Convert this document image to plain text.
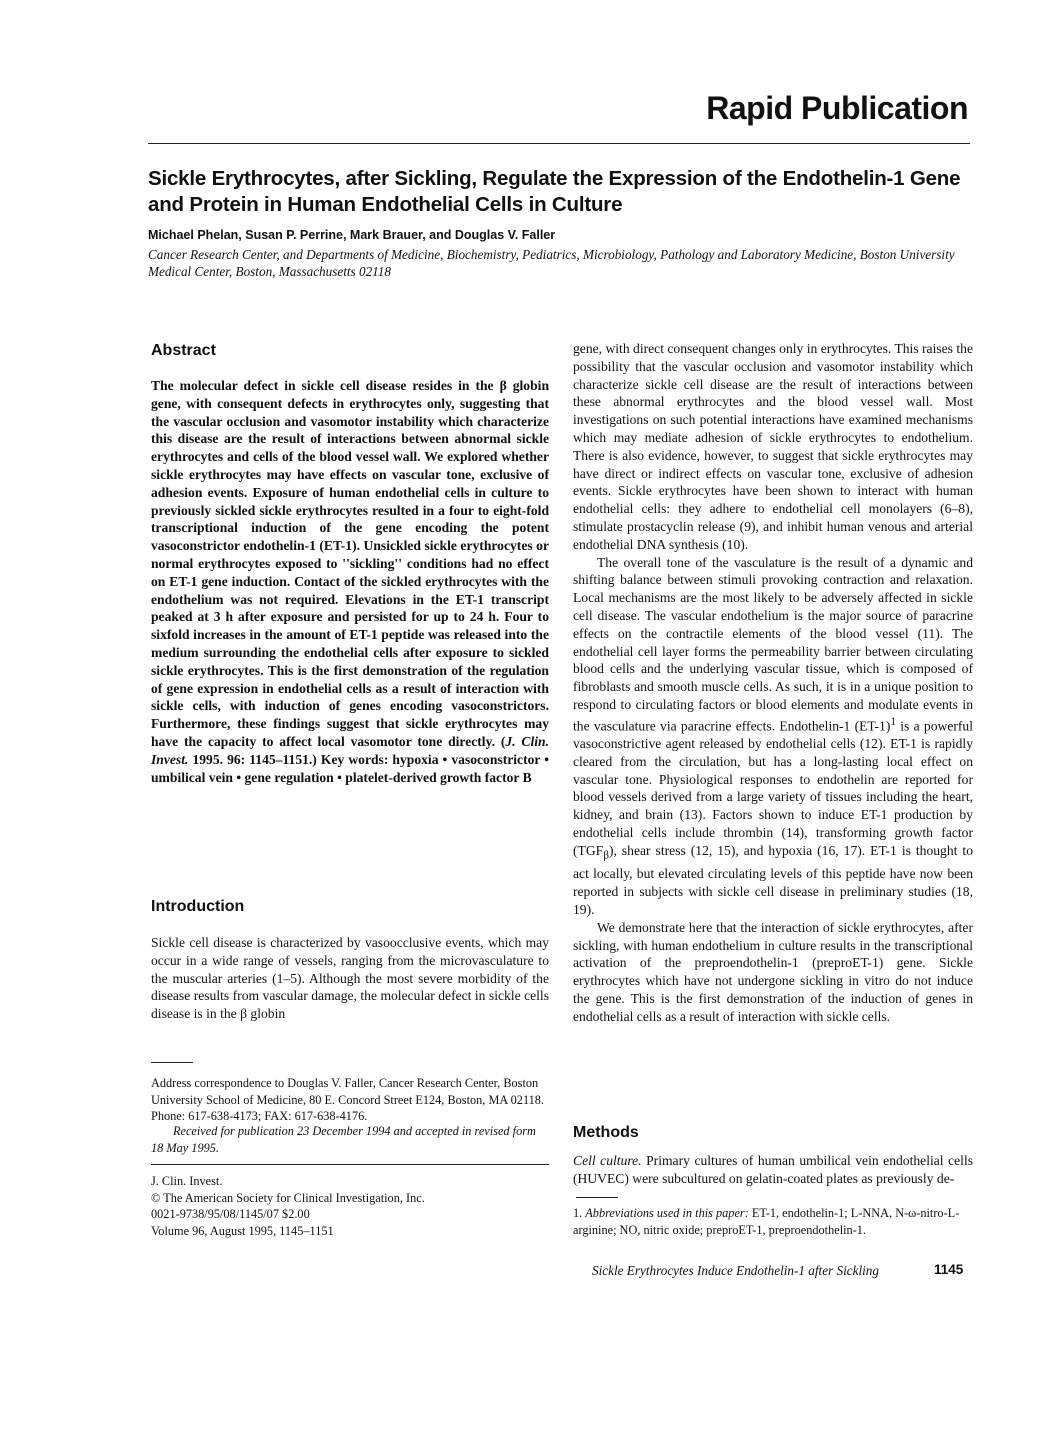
Rapid Publication
Sickle Erythrocytes, after Sickling, Regulate the Expression of the Endothelin-1 Gene and Protein in Human Endothelial Cells in Culture
Michael Phelan, Susan P. Perrine, Mark Brauer, and Douglas V. Faller
Cancer Research Center, and Departments of Medicine, Biochemistry, Pediatrics, Microbiology, Pathology and Laboratory Medicine, Boston University Medical Center, Boston, Massachusetts 02118
Abstract
The molecular defect in sickle cell disease resides in the β globin gene, with consequent defects in erythrocytes only, suggesting that the vascular occlusion and vasomotor instability which characterize this disease are the result of interactions between abnormal sickle erythrocytes and cells of the blood vessel wall. We explored whether sickle erythrocytes may have effects on vascular tone, exclusive of adhesion events. Exposure of human endothelial cells in culture to previously sickled sickle erythrocytes resulted in a four to eight-fold transcriptional induction of the gene encoding the potent vasoconstrictor endothelin-1 (ET-1). Unsickled sickle erythrocytes or normal erythrocytes exposed to ''sickling'' conditions had no effect on ET-1 gene induction. Contact of the sickled erythrocytes with the endothelium was not required. Elevations in the ET-1 transcript peaked at 3 h after exposure and persisted for up to 24 h. Four to sixfold increases in the amount of ET-1 peptide was released into the medium surrounding the endothelial cells after exposure to sickled sickle erythrocytes. This is the first demonstration of the regulation of gene expression in endothelial cells as a result of interaction with sickle cells, with induction of genes encoding vasoconstrictors. Furthermore, these findings suggest that sickle erythrocytes may have the capacity to affect local vasomotor tone directly. (J. Clin. Invest. 1995. 96: 1145–1151.) Key words: hypoxia • vasoconstrictor • umbilical vein • gene regulation • platelet-derived growth factor B
Introduction
Sickle cell disease is characterized by vasoocclusive events, which may occur in a wide range of vessels, ranging from the microvasculature to the muscular arteries (1–5). Although the most severe morbidity of the disease results from vascular damage, the molecular defect in sickle cells disease is in the β globin
Address correspondence to Douglas V. Faller, Cancer Research Center, Boston University School of Medicine, 80 E. Concord Street E124, Boston, MA 02118. Phone: 617-638-4173; FAX: 617-638-4176.
Received for publication 23 December 1994 and accepted in revised form 18 May 1995.
J. Clin. Invest.
© The American Society for Clinical Investigation, Inc.
0021-9738/95/08/1145/07 $2.00
Volume 96, August 1995, 1145–1151

gene, with direct consequent changes only in erythrocytes. This raises the possibility that the vascular occlusion and vasomotor instability which characterize sickle cell disease are the result of interactions between these abnormal erythrocytes and the blood vessel wall. Most investigations on such potential interactions have examined mechanisms which may mediate adhesion of sickle erythrocytes to endothelium. There is also evidence, however, to suggest that sickle erythrocytes may have direct or indirect effects on vascular tone, exclusive of adhesion events. Sickle erythrocytes have been shown to interact with human endothelial cells: they adhere to endothelial cell monolayers (6–8), stimulate prostacyclin release (9), and inhibit human venous and arterial endothelial DNA synthesis (10).

The overall tone of the vasculature is the result of a dynamic and shifting balance between stimuli provoking contraction and relaxation. Local mechanisms are the most likely to be adversely affected in sickle cell disease. The vascular endothelium is the major source of paracrine effects on the contractile elements of the blood vessel (11). The endothelial cell layer forms the permeability barrier between circulating blood cells and the underlying vascular tissue, which is composed of fibroblasts and smooth muscle cells. As such, it is in a unique position to respond to circulating factors or blood elements and modulate events in the vasculature via paracrine effects. Endothelin-1 $(ET-1)^1$ is a powerful vasoconstrictive agent released by endothelial cells (12). ET-1 is rapidly cleared from the circulation, but has a long-lasting local effect on vascular tone. Physiological responses to endothelin are reported for blood vessels derived from a large variety of tissues including the heart, kidney, and brain (13). Factors shown to induce ET-1 production by endothelial cells include thrombin (14), transforming growth factor $(TGF_\beta)$, shear stress (12, 15), and hypoxia (16, 17). ET-1 is thought to act locally, but elevated circulating levels of this peptide have now been reported in subjects with sickle cell disease in preliminary studies (18, 19).

We demonstrate here that the interaction of sickle erythrocytes, after sickling, with human endothelium in culture results in the transcriptional activation of the preproendothelin-1 (preproET-1) gene. Sickle erythrocytes which have not undergone sickling in vitro do not induce the gene. This is the first demonstration of the induction of genes in endothelial cells as a result of interaction with sickle cells.

Methods
Cell culture. Primary cultures of human umbilical vein endothelial cells (HUVEC) were subcultured on gelatin-coated plates as previously de-
1. Abbreviations used in this paper: ET-1, endothelin-1; L-NNA, N-ω-nitro-L-arginine; NO, nitric oxide; preproET-1, preproendothelin-1.
Sickle Erythrocytes Induce Endothelin-1 after Sickling	1145
